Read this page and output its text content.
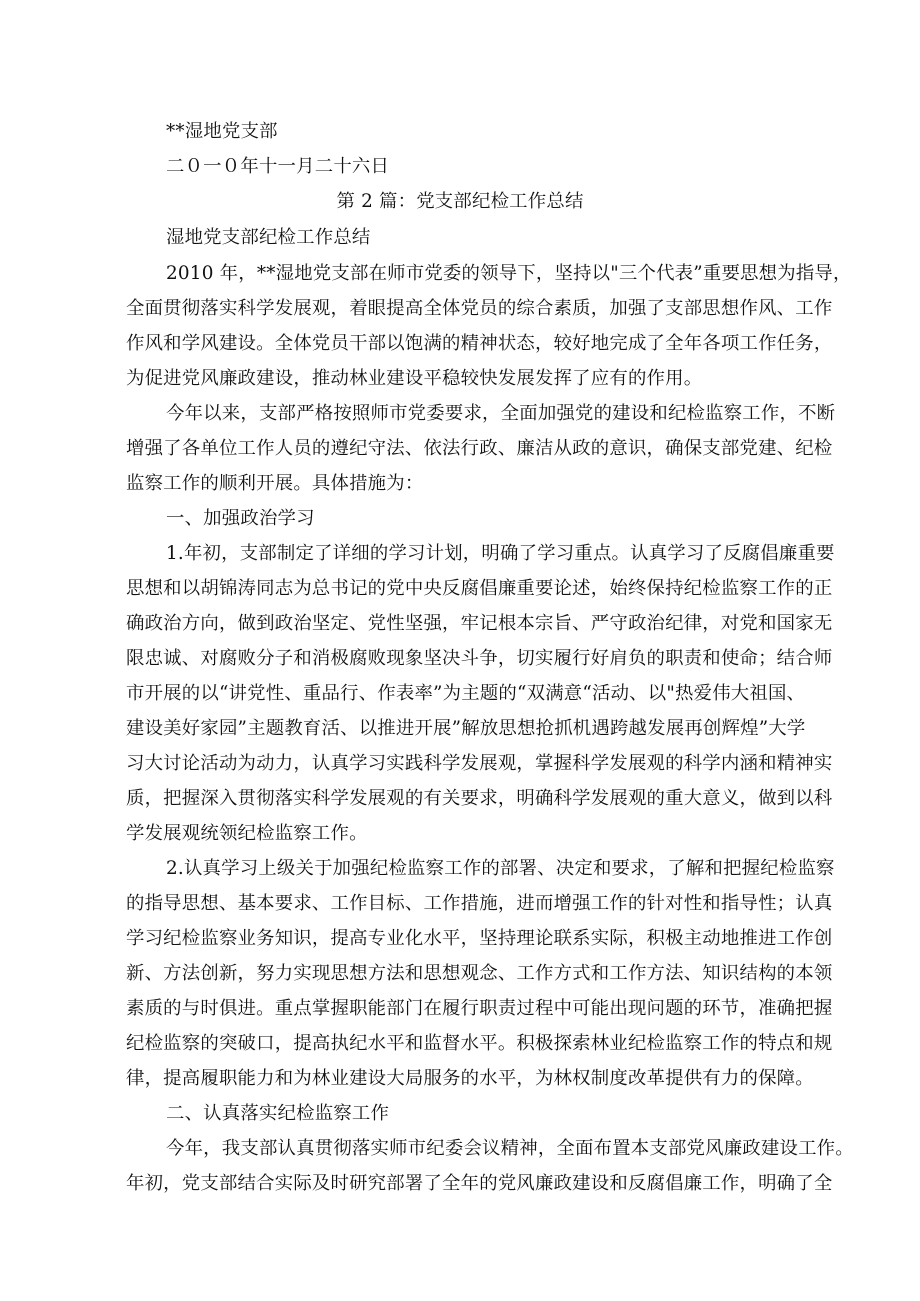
**湿地党支部
二０一０年十一月二十六日
第 2 篇：党支部纪检工作总结
湿地党支部纪检工作总结
2010 年，**湿地党支部在师市党委的领导下，坚持以"三个代表”重要思想为指导，
全面贯彻落实科学发展观，着眼提高全体党员的综合素质，加强了支部思想作风、工作
作风和学风建设。全体党员干部以饱满的精神状态，较好地完成了全年各项工作任务，
为促进党风廉政建设，推动林业建设平稳较快发展发挥了应有的作用。
今年以来，支部严格按照师市党委要求，全面加强党的建设和纪检监察工作，不断
增强了各单位工作人员的遵纪守法、依法行政、廉洁从政的意识，确保支部党建、纪检
监察工作的顺利开展。具体措施为：
一、加强政治学习
1.年初，支部制定了详细的学习计划，明确了学习重点。认真学习了反腐倡廉重要
思想和以胡锦涛同志为总书记的党中央反腐倡廉重要论述，始终保持纪检监察工作的正
确政治方向，做到政治坚定、党性坚强，牢记根本宗旨、严守政治纪律，对党和国家无
限忠诚、对腐败分子和消极腐败现象坚决斗争，切实履行好肩负的职责和使命；结合师
市开展的以“讲党性、重品行、作表率”为主题的“双满意“活动、以"热爱伟大祖国、
建设美好家园”主题教育活、以推进开展”解放思想抢抓机遇跨越发展再创辉煌”大学
习大讨论活动为动力，认真学习实践科学发展观，掌握科学发展观的科学内涵和精神实
质，把握深入贯彻落实科学发展观的有关要求，明确科学发展观的重大意义，做到以科
学发展观统领纪检监察工作。
2.认真学习上级关于加强纪检监察工作的部署、决定和要求，了解和把握纪检监察
的指导思想、基本要求、工作目标、工作措施，进而增强工作的针对性和指导性；认真
学习纪检监察业务知识，提高专业化水平，坚持理论联系实际，积极主动地推进工作创
新、方法创新，努力实现思想方法和思想观念、工作方式和工作方法、知识结构的本领
素质的与时俱进。重点掌握职能部门在履行职责过程中可能出现问题的环节，准确把握
纪检监察的突破口，提高执纪水平和监督水平。积极探索林业纪检监察工作的特点和规
律，提高履职能力和为林业建设大局服务的水平，为林权制度改革提供有力的保障。
二、认真落实纪检监察工作
今年，我支部认真贯彻落实师市纪委会议精神，全面布置本支部党风廉政建设工作。
年初，党支部结合实际及时研究部署了全年的党风廉政建设和反腐倡廉工作，明确了全
